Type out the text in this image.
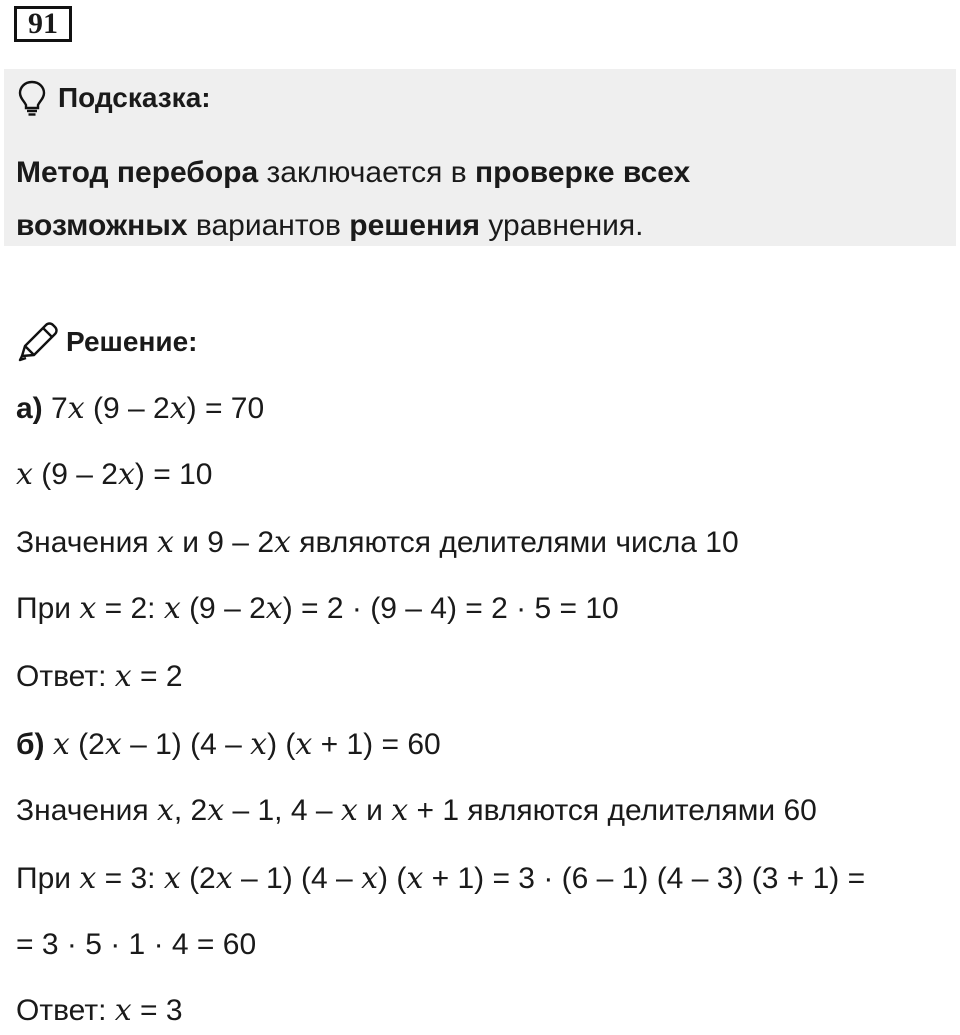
91
Подсказка:
Метод перебора заключается в проверке всех
возможных вариантов решения уравнения.
Решение:
а) 7x (9 – 2x) = 70
x (9 – 2x) = 10
Значения x и 9 – 2x являются делителями числа 10
При x = 2: x (9 – 2x) = 2 · (9 – 4) = 2 · 5 = 10
Ответ: x = 2
б) x (2x – 1) (4 – x) (x + 1) = 60
Значения x, 2x – 1, 4 – x и x + 1 являются делителями 60
При x = 3: x (2x – 1) (4 – x) (x + 1) = 3 · (6 – 1) (4 – 3) (3 + 1) =
= 3 · 5 · 1 · 4 = 60
Ответ: x = 3
